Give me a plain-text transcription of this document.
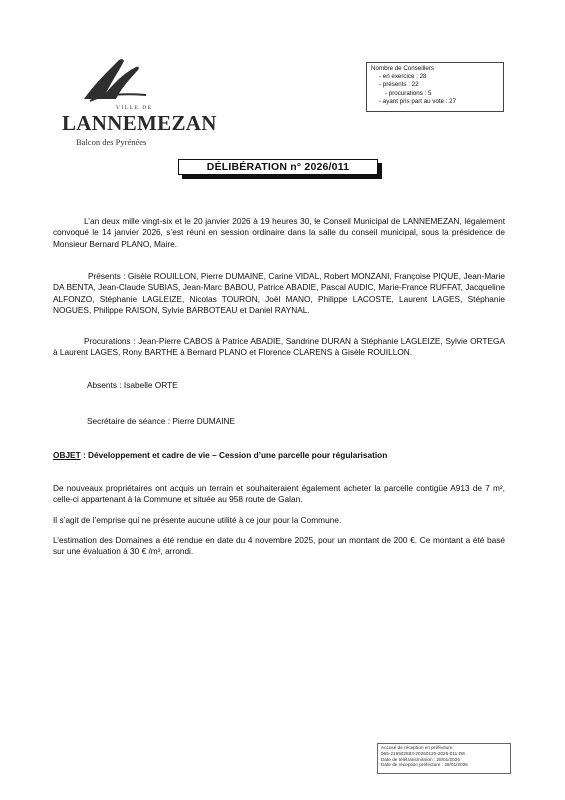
VILLE DE
LANNEMEZAN
Balcon des Pyrénées
Nombre de Conseillers
- en exercice : 28
- présents : 22
- procurations : 5
- ayant pris part au vote : 27
DÉLIBÉRATION n° 2026/011
L’an deux mille vingt-six et le 20 janvier 2026 à 19 heures 30, le Conseil Municipal de LANNEMEZAN, légalement convoqué le 14 janvier 2026, s’est réuni en session ordinaire dans la salle du conseil municipal, sous la présidence de Monsieur Bernard PLANO, Maire.
Présents : Gisèle ROUILLON, Pierre DUMAINE, Carine VIDAL, Robert MONZANI, Françoise PIQUE, Jean-Marie DA BENTA, Jean-Claude SUBIAS, Jean-Marc BABOU, Patrice ABADIE, Pascal AUDIC, Marie-France RUFFAT, Jacqueline ALFONZO, Stéphanie LAGLEIZE, Nicolas TOURON, Joël MANO, Philippe LACOSTE, Laurent LAGES, Stéphanie NOGUES, Philippe RAISON, Sylvie BARBOTEAU et Daniel RAYNAL.
Procurations : Jean-Pierre CABOS à Patrice ABADIE, Sandrine DURAN à Stéphanie LAGLEIZE, Sylvie ORTEGA à Laurent LAGES, Rony BARTHE à Bernard PLANO et Florence CLARENS à Gisèle ROUILLON.
Absents : Isabelle ORTE
Secrétaire de séance : Pierre DUMAINE
OBJET : Développement et cadre de vie – Cession d’une parcelle pour régularisation
De nouveaux propriétaires ont acquis un terrain et souhaiteraient également acheter la parcelle contigüe A913 de 7 m², celle-ci appartenant à la Commune et située au 958 route de Galan.
Il s’agit de l’emprise qui ne présente aucune utilité à ce jour pour la Commune.
L’estimation des Domaines a été rendue en date du 4 novembre 2025, pour un montant de 200 €. Ce montant a été basé sur une évaluation à 30 € /m², arrondi.
Accusé de réception en préfecture
065-216502583-20260120-2026-011-DE
Date de télétransmission : 28/01/2026
Date de réception préfecture : 28/01/2026
